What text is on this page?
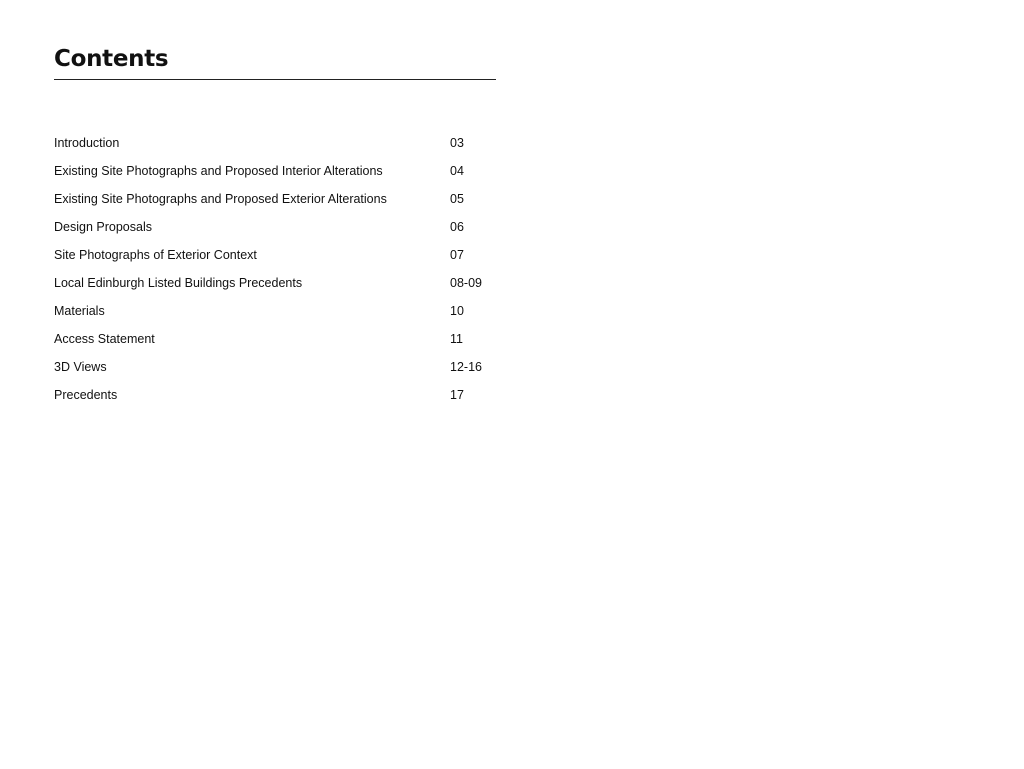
Contents
Introduction	03
Existing Site Photographs and Proposed Interior Alterations	04
Existing Site Photographs and Proposed Exterior Alterations	05
Design Proposals	06
Site Photographs of Exterior Context	07
Local Edinburgh Listed Buildings Precedents	08-09
Materials	10
Access Statement	11
3D Views	12-16
Precedents	17
